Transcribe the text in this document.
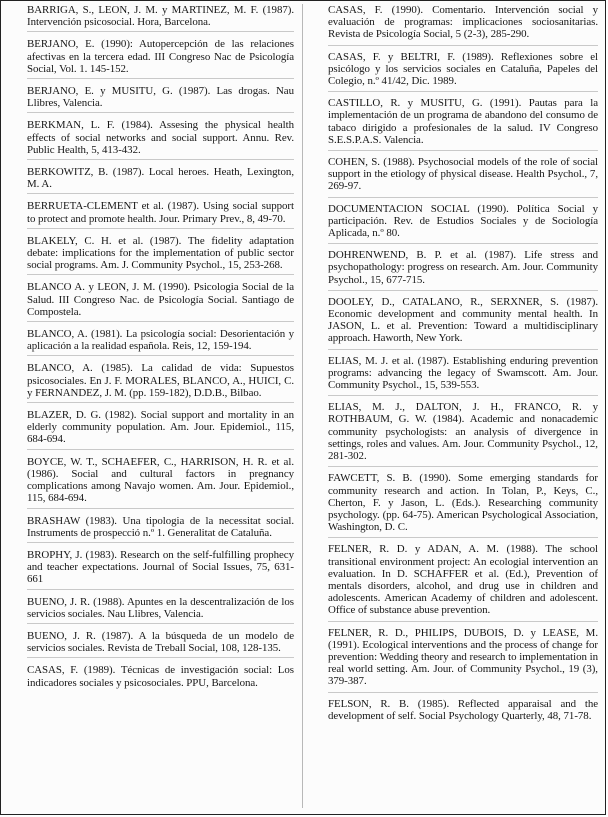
BARRIGA, S., LEON, J. M. y MARTINEZ, M. F. (1987). Intervención psicosocial. Hora, Barcelona.
BERJANO, E. (1990): Autopercepción de las relaciones afectivas en la tercera edad. III Congreso Nac de Psicología Social, Vol. 1. 145-152.
BERJANO, E. y MUSITU, G. (1987). Las drogas. Nau Llibres, Valencia.
BERKMAN, L. F. (1984). Assesing the physical health effects of social networks and social support. Annu. Rev. Public Health, 5, 413-432.
BERKOWITZ, B. (1987). Local heroes. Heath, Lexington, M. A.
BERRUETA-CLEMENT et al. (1987). Using social support to protect and promote health. Jour. Primary Prev., 8, 49-70.
BLAKELY, C. H. et al. (1987). The fidelity adaptation debate: implications for the implementation of public sector social programs. Am. J. Community Psychol., 15, 253-268.
BLANCO A. y LEON, J. M. (1990). Psicologia Social de la Salud. III Congreso Nac. de Psicología Social. Santiago de Compostela.
BLANCO, A. (1981). La psicología social: Desorientación y aplicación a la realidad española. Reis, 12, 159-194.
BLANCO, A. (1985). La calidad de vida: Supuestos psicosociales. En J. F. MORALES, BLANCO, A., HUICI, C. y FERNANDEZ, J. M. (pp. 159-182), D.D.B., Bilbao.
BLAZER, D. G. (1982). Social support and mortality in an elderly community population. Am. Jour. Epidemiol., 115, 684-694.
BOYCE, W. T., SCHAEFER, C., HARRISON, H. R. et al. (1986). Social and cultural factors in pregnancy complications among Navajo women. Am. Jour. Epidemiol., 115, 684-694.
BRASHAW (1983). Una tipologia de la necessitat social. Instruments de prospecció n.º 1. Generalitat de Cataluña.
BROPHY, J. (1983). Research on the self-fulfilling prophecy and teacher expectations. Journal of Social Issues, 75, 631-661
BUENO, J. R. (1988). Apuntes en la descentralización de los servicios sociales. Nau Llibres, Valencia.
BUENO, J. R. (1987). A la búsqueda de un modelo de servicios sociales. Revista de Treball Social, 108, 128-135.
CASAS, F. (1989). Técnicas de investigación social: Los indicadores sociales y psicosociales. PPU, Barcelona.
CASAS, F. (1990). Comentario. Intervención social y evaluación de programas: implicaciones sociosanitarias. Revista de Psicología Social, 5 (2-3), 285-290.
CASAS, F. y BELTRI, F. (1989). Reflexiones sobre el psicólogo y los servicios sociales en Cataluña, Papeles del Colegio, n.º 41/42, Dic. 1989.
CASTILLO, R. y MUSITU, G. (1991). Pautas para la implementación de un programa de abandono del consumo de tabaco dirigido a profesionales de la salud. IV Congreso S.E.S.P.A.S. Valencia.
COHEN, S. (1988). Psychosocial models of the role of social support in the etiology of physical disease. Health Psychol., 7, 269-97.
DOCUMENTACION SOCIAL (1990). Política Social y participación. Rev. de Estudios Sociales y de Sociología Aplicada, n.º 80.
DOHRENWEND, B. P. et al. (1987). Life stress and psychopathology: progress on research. Am. Jour. Community Psychol., 15, 677-715.
DOOLEY, D., CATALANO, R., SERXNER, S. (1987). Economic development and community mental health. In JASON, L. et al. Prevention: Toward a multidisciplinary approach. Haworth, New York.
ELIAS, M. J. et al. (1987). Establishing enduring prevention programs: advancing the legacy of Swamscott. Am. Jour. Community Psychol., 15, 539-553.
ELIAS, M. J., DALTON, J. H., FRANCO, R. y ROTHBAUM, G. W. (1984). Academic and nonacademic community psychologists: an analysis of divergence in settings, roles and values. Am. Jour. Community Psychol., 12, 281-302.
FAWCETT, S. B. (1990). Some emerging standards for community research and action. In Tolan, P., Keys, C., Cherton, F. y Jason, L. (Eds.). Researching community psychology. (pp. 64-75). American Psychological Association, Washington, D. C.
FELNER, R. D. y ADAN, A. M. (1988). The school transitional environment project: An ecologial intervention an evaluation. In D. SCHAFFER et al. (Ed.), Prevention of mentals disorders, alcohol, and drug use in children and adolescents. American Academy of children and adolescent. Office of substance abuse prevention.
FELNER, R. D., PHILIPS, DUBOIS, D. y LEASE, M. (1991). Ecological interventions and the process of change for prevention: Wedding theory and research to implementation in real world setting. Am. Jour. of Community Psychol., 19 (3), 379-387.
FELSON, R. B. (1985). Reflected apparaisal and the development of self. Social Psychology Quarterly, 48, 71-78.
